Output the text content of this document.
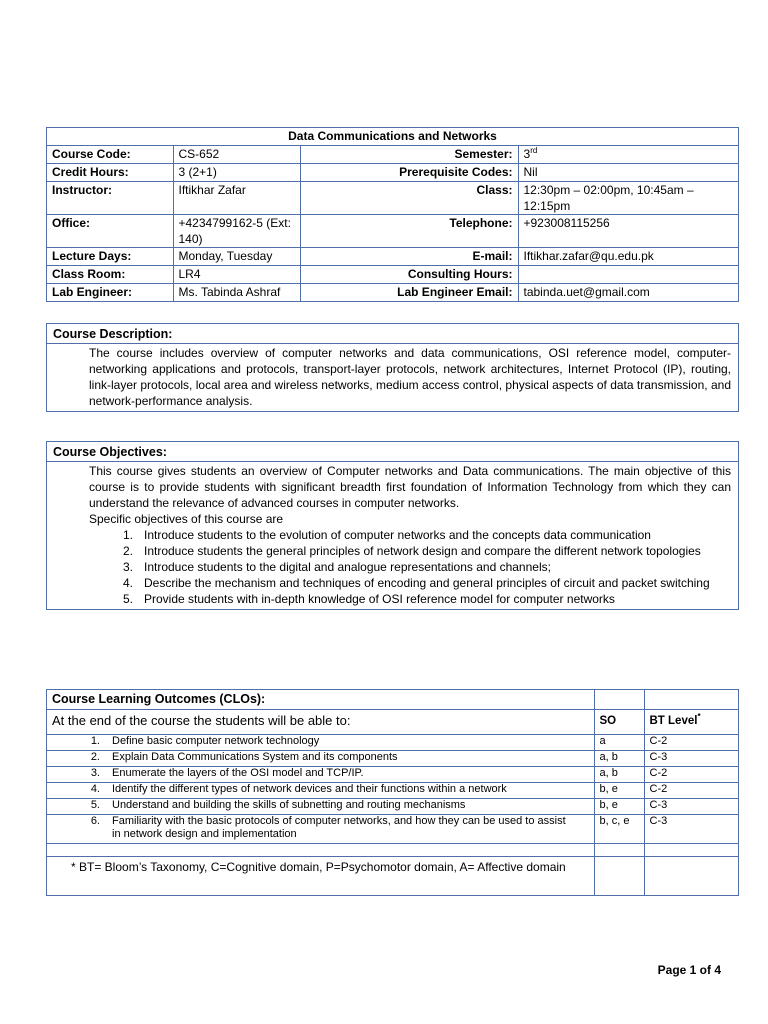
Data Communications and Networks			
Course Code:	CS-652	Semester:	3rd
Credit Hours:	3 (2+1)	Prerequisite Codes:	Nil
Instructor:	Iftikhar Zafar	Class:	12:30pm – 02:00pm, 10:45am –
12:15pm
Office:	+4234799162-5 (Ext: 140)	Telephone:	+923008115256
Lecture Days:	Monday, Tuesday	E-mail:	Iftikhar.zafar@qu.edu.pk
Class Room:	LR4	Consulting Hours:	
Lab Engineer:	Ms. Tabinda Ashraf	Lab Engineer Email:	tabinda.uet@gmail.com
Course Description:
The course includes overview of computer networks and data communications, OSI reference model, computer-networking applications and protocols, transport-layer protocols, network architectures, Internet Protocol (IP), routing, link-layer protocols, local area and wireless networks, medium access control, physical aspects of data transmission, and network-performance analysis.
Course Objectives:
This course gives students an overview of Computer networks and Data communications. The main objective of this course is to provide students with significant breadth first foundation of Information Technology from which they can understand the relevance of advanced courses in computer networks.
Specific objectives of this course are
1. Introduce students to the evolution of computer networks and the concepts data communication
2. Introduce students the general principles of network design and compare the different network topologies
3. Introduce students to the digital and analogue representations and channels;
4. Describe the mechanism and techniques of encoding and general principles of circuit and packet switching
5. Provide students with in-depth knowledge of OSI reference model for computer networks
Course Learning Outcomes (CLOs):		
At the end of the course the students will be able to:	SO	BT Level*
1. Define basic computer network technology	a	C-2
2. Explain Data Communications System and its components	a, b	C-3
3. Enumerate the layers of the OSI model and TCP/IP.	a, b	C-2
4. Identify the different types of network devices and their functions within a network	b, e	C-2
5. Understand and building the skills of subnetting and routing mechanisms	b, e	C-3
6. Familiarity with the basic protocols of computer networks, and how they can be used to assist in network design and implementation	b, c, e	C-3

* BT= Bloom’s Taxonomy, C=Cognitive domain, P=Psychomotor domain, A= Affective domain		
Page 1 of 4
